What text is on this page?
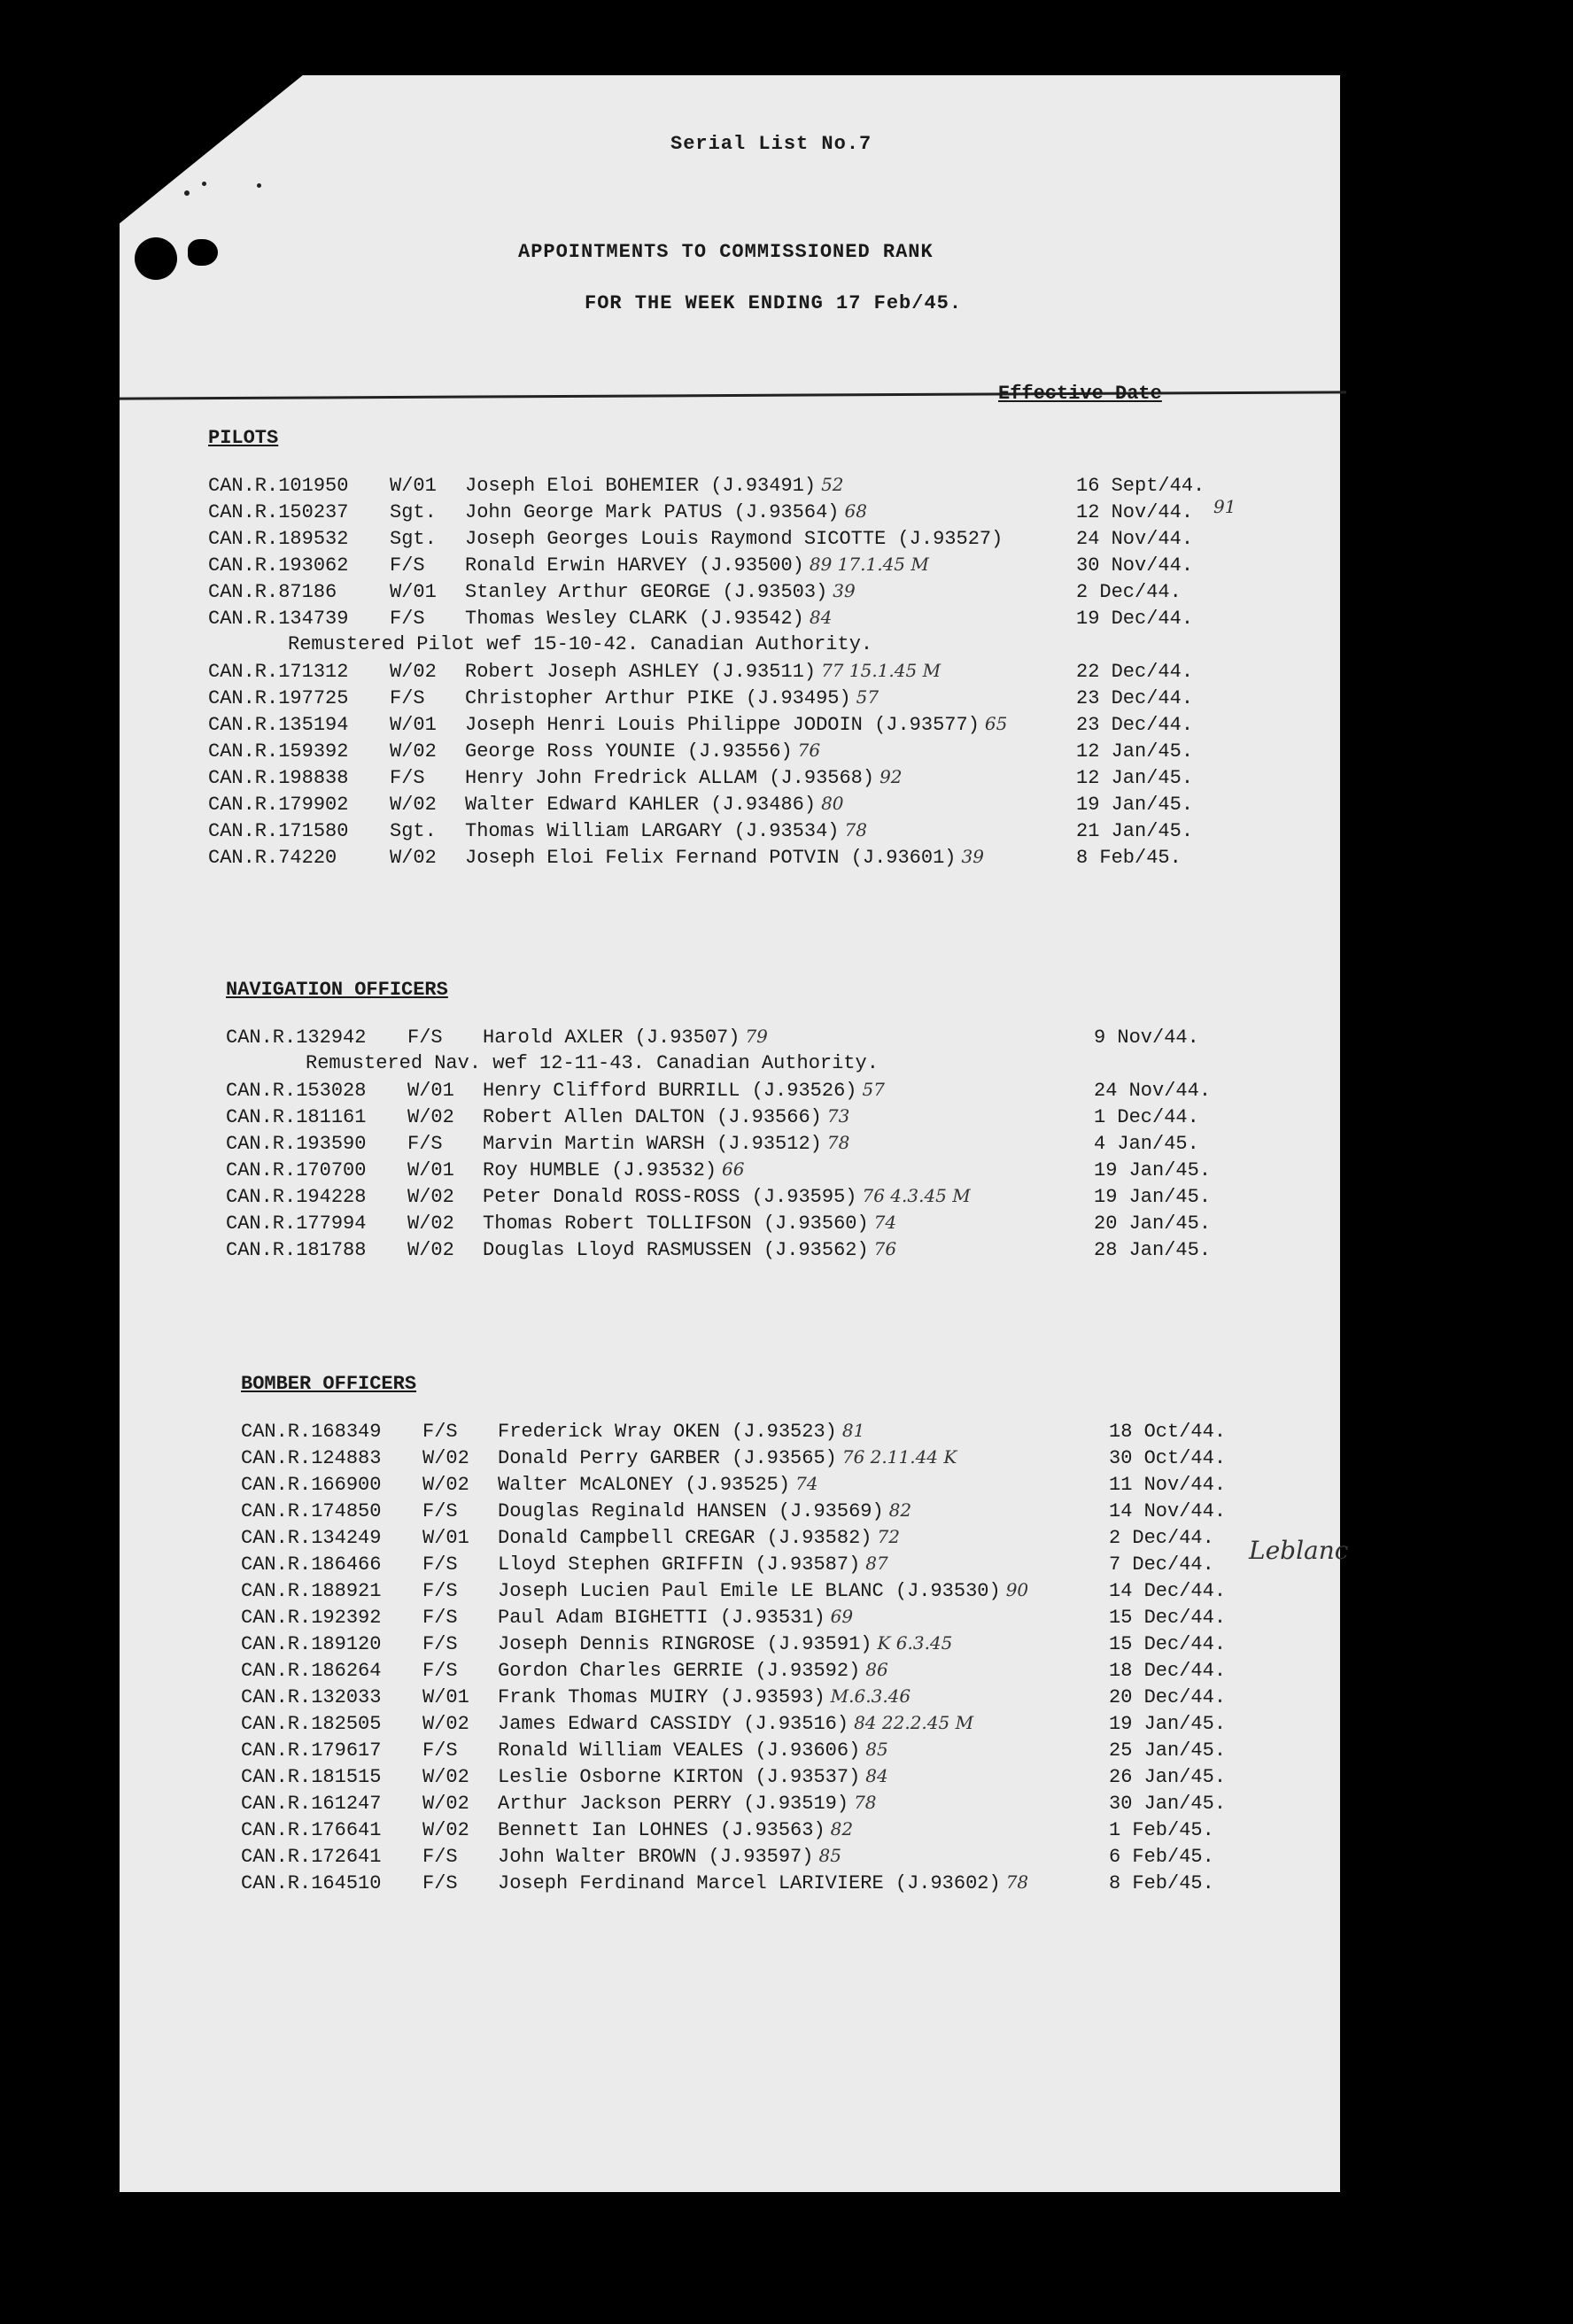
Serial List No.7
APPOINTMENTS TO COMMISSIONED RANK
FOR THE WEEK ENDING 17 Feb/45.
Effective Date
PILOTS
CAN.R.101950	W/01	Joseph Eloi BOHEMIER (J.93491) 52	16 Sept/44.
CAN.R.150237	Sgt.	John George Mark PATUS (J.93564) 68	12 Nov/44.
CAN.R.189532	Sgt.	Joseph Georges Louis Raymond SICOTTE (J.93527)	24 Nov/44.
CAN.R.193062	F/S	Ronald Erwin HARVEY (J.93500) 89 17.1.45 M	30 Nov/44.
CAN.R.87186	W/01	Stanley Arthur GEORGE (J.93503) 39	2 Dec/44.
CAN.R.134739	F/S	Thomas Wesley CLARK (J.93542) 84	19 Dec/44.
Remustered Pilot wef 15-10-42. Canadian Authority.
CAN.R.171312	W/02	Robert Joseph ASHLEY (J.93511) 77 15.1.45 M	22 Dec/44.
CAN.R.197725	F/S	Christopher Arthur PIKE (J.93495) 57	23 Dec/44.
CAN.R.135194	W/01	Joseph Henri Louis Philippe JODOIN (J.93577) 65	23 Dec/44.
CAN.R.159392	W/02	George Ross YOUNIE (J.93556) 76	12 Jan/45.
CAN.R.198838	F/S	Henry John Fredrick ALLAM (J.93568) 92	12 Jan/45.
CAN.R.179902	W/02	Walter Edward KAHLER (J.93486) 80	19 Jan/45.
CAN.R.171580	Sgt.	Thomas William LARGARY (J.93534) 78	21 Jan/45.
CAN.R.74220	W/02	Joseph Eloi Felix Fernand POTVIN (J.93601) 39	8 Feb/45.
91
NAVIGATION OFFICERS
CAN.R.132942	F/S	Harold AXLER (J.93507) 79	9 Nov/44.
Remustered Nav. wef 12-11-43. Canadian Authority.
CAN.R.153028	W/01	Henry Clifford BURRILL (J.93526) 57	24 Nov/44.
CAN.R.181161	W/02	Robert Allen DALTON (J.93566) 73	1 Dec/44.
CAN.R.193590	F/S	Marvin Martin WARSH (J.93512) 78	4 Jan/45.
CAN.R.170700	W/01	Roy HUMBLE (J.93532) 66	19 Jan/45.
CAN.R.194228	W/02	Peter Donald ROSS-ROSS (J.93595) 76 4.3.45 M	19 Jan/45.
CAN.R.177994	W/02	Thomas Robert TOLLIFSON (J.93560) 74	20 Jan/45.
CAN.R.181788	W/02	Douglas Lloyd RASMUSSEN (J.93562) 76	28 Jan/45.
BOMBER OFFICERS
CAN.R.168349	F/S	Frederick Wray OKEN (J.93523) 81	18 Oct/44.
CAN.R.124883	W/02	Donald Perry GARBER (J.93565) 76 2.11.44 K	30 Oct/44.
CAN.R.166900	W/02	Walter McALONEY (J.93525) 74	11 Nov/44.
CAN.R.174850	F/S	Douglas Reginald HANSEN (J.93569) 82	14 Nov/44.
CAN.R.134249	W/01	Donald Campbell CREGAR (J.93582) 72	2 Dec/44.
CAN.R.186466	F/S	Lloyd Stephen GRIFFIN (J.93587) 87	7 Dec/44.
CAN.R.188921	F/S	Joseph Lucien Paul Emile LE BLANC (J.93530) 90	14 Dec/44.
CAN.R.192392	F/S	Paul Adam BIGHETTI (J.93531) 69	15 Dec/44.
CAN.R.189120	F/S	Joseph Dennis RINGROSE (J.93591) K 6.3.45	15 Dec/44.
CAN.R.186264	F/S	Gordon Charles GERRIE (J.93592) 86	18 Dec/44.
CAN.R.132033	W/01	Frank Thomas MUIRY (J.93593) M.6.3.46	20 Dec/44.
CAN.R.182505	W/02	James Edward CASSIDY (J.93516) 84 22.2.45 M	19 Jan/45.
CAN.R.179617	F/S	Ronald William VEALES (J.93606) 85	25 Jan/45.
CAN.R.181515	W/02	Leslie Osborne KIRTON (J.93537) 84	26 Jan/45.
CAN.R.161247	W/02	Arthur Jackson PERRY (J.93519) 78	30 Jan/45.
CAN.R.176641	W/02	Bennett Ian LOHNES (J.93563) 82	1 Feb/45.
CAN.R.172641	F/S	John Walter BROWN (J.93597) 85	6 Feb/45.
CAN.R.164510	F/S	Joseph Ferdinand Marcel LARIVIERE (J.93602) 78	8 Feb/45.
Leblanc
